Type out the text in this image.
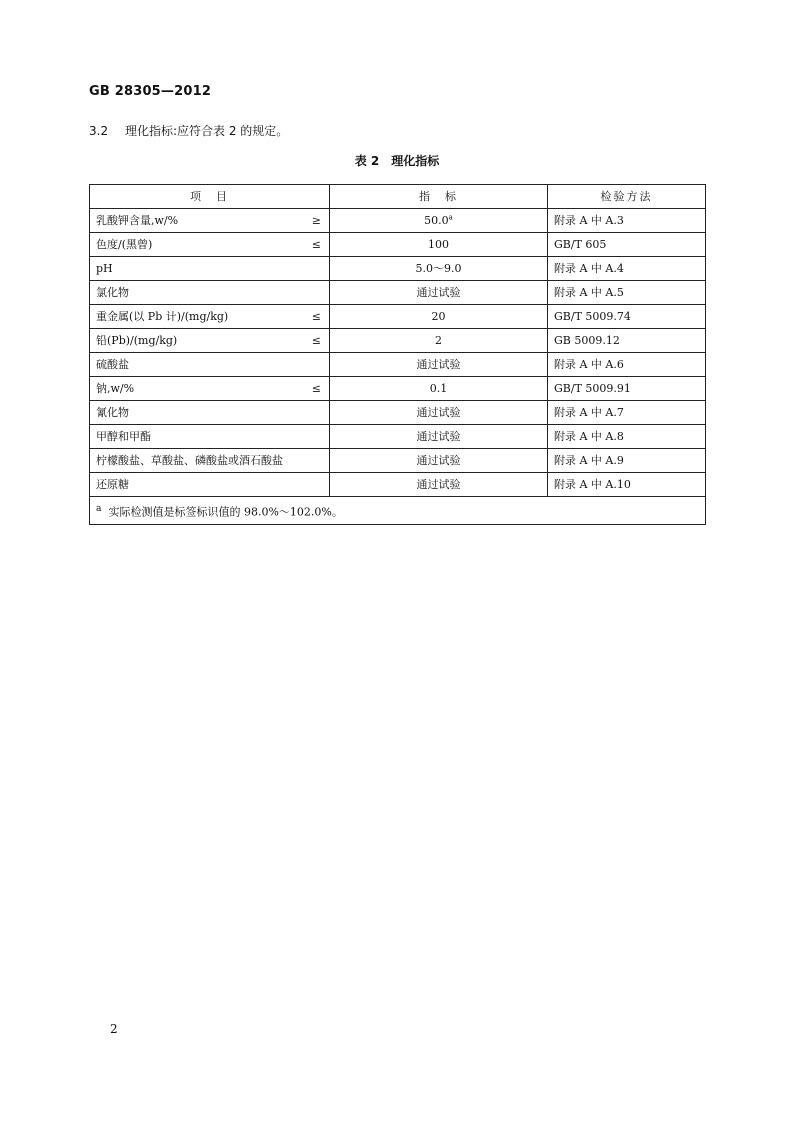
GB 28305—2012
3.2 理化指标:应符合表 2 的规定。
表 2 理化指标
项　目	指　标	检验方法
乳酸钾含量,w/% ≥	50.0$^a$	附录 A 中 A.3
色度/(黑曾) ≤	100	GB/T 605
pH	5.0～9.0	附录 A 中 A.4
氯化物	通过试验	附录 A 中 A.5
重金属(以 Pb 计)/(mg/kg) ≤	20	GB/T 5009.74
铅(Pb)/(mg/kg) ≤	2	GB 5009.12
硫酸盐	通过试验	附录 A 中 A.6
钠,w/% ≤	0.1	GB/T 5009.91
氰化物	通过试验	附录 A 中 A.7
甲醇和甲酯	通过试验	附录 A 中 A.8
柠檬酸盐、草酸盐、磷酸盐或酒石酸盐	通过试验	附录 A 中 A.9
还原糖	通过试验	附录 A 中 A.10
$^a$ 实际检测值是标签标识值的 98.0%～102.0%。		
2
